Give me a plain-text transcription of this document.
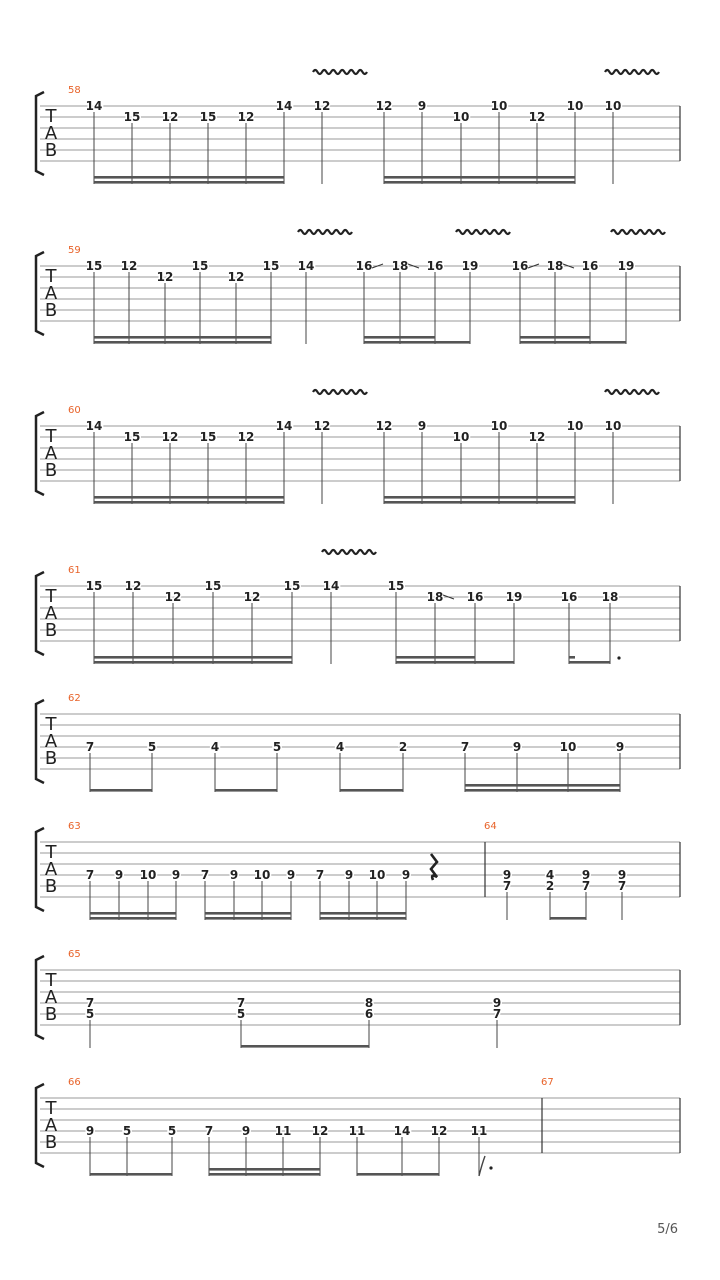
T
A
B
58
14
15 12 15 12
14 12	12 9
10
10
12
10 10
T
A
B
59
15 12
12
15
12
15 14	16 18 16 19	16 18 16 19
T
A
B
60
14
15 12 15 12
14 12	12 9
10
10
12
10 10
T
A
B
61
15 12
12
15
12
15 14	15
18 16 19	16 18
T
A
B
62
7	5	4	5	4	2	7	9	10	9
T
A
B
63
7 9 10 9 7 9 10 9 7 9 10 9
64
9
7
4
2
9
7
9
7
T
A
B
65
7
5
7
5
8
6
9
7
T
A
B
66
9 5	5 7 9 11 12 11 14 12 11
67
5/6
